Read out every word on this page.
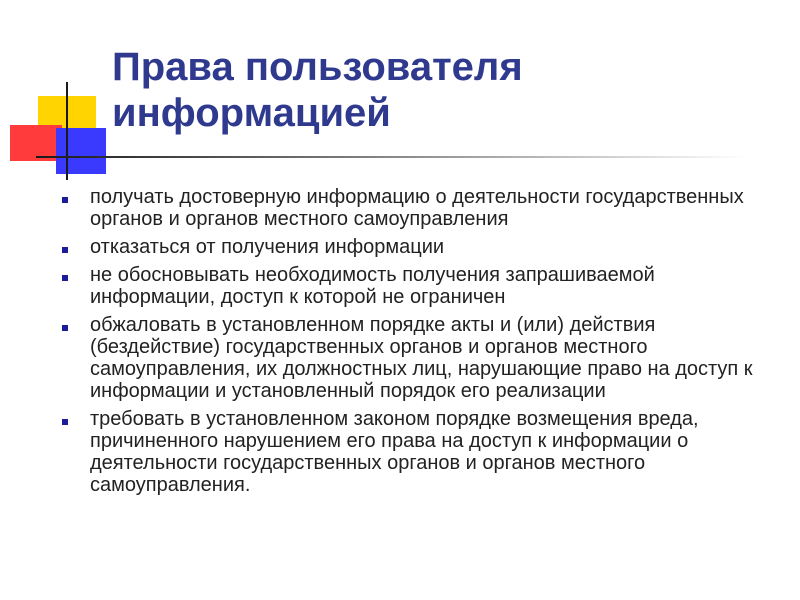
Права пользователя
информацией
получать достоверную информацию о деятельности государственных органов и органов местного самоуправления
отказаться от получения информации
не обосновывать необходимость получения запрашиваемой информации, доступ к которой не ограничен
обжаловать в установленном порядке акты и (или) действия (бездействие) государственных органов и органов местного самоуправления, их должностных лиц, нарушающие право на доступ к информации и установленный порядок его реализации
требовать в установленном законом порядке возмещения вреда, причиненного нарушением его права на доступ к информации о деятельности государственных органов и органов местного самоуправления.
